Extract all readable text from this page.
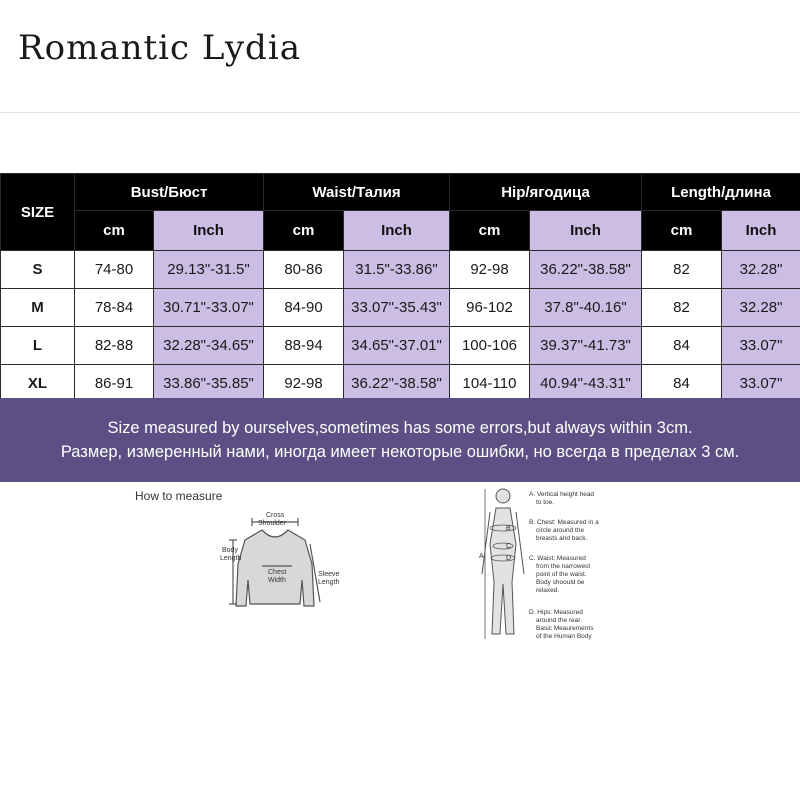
Romantic Lydia
SIZE	Bust/Бюст		Waist/Талия		Hip/ягодица		Length/длина	
	cm	Inch	cm	Inch	cm	Inch	cm	Inch
S	74-80	29.13"-31.5"	80-86	31.5"-33.86"	92-98	36.22"-38.58"	82	32.28"
M	78-84	30.71"-33.07"	84-90	33.07"-35.43"	96-102	37.8"-40.16"	82	32.28"
L	82-88	32.28"-34.65"	88-94	34.65"-37.01"	100-106	39.37"-41.73"	84	33.07"
XL	86-91	33.86"-35.85"	92-98	36.22"-38.58"	104-110	40.94"-43.31"	84	33.07"
Size measured by ourselves,sometimes has some errors,but always within 3cm.
Размер, измеренный нами, иногда имеет некоторые ошибки, но всегда в пределах 3 см.
How to measure
Cross
Shoulder
Body
Length
Chest
Width
Sleeve
Length
A
B
C
D
A. Vertical height head
to toe.
B. Chest: Measured in a
circle around the
breasts and back.
C. Waist: Measured
from the narrowest
point of the waist.
Body shoould be
relaxed.
D. Hips: Measured
around the rear.
Basic Meaurements
of the Human Body
